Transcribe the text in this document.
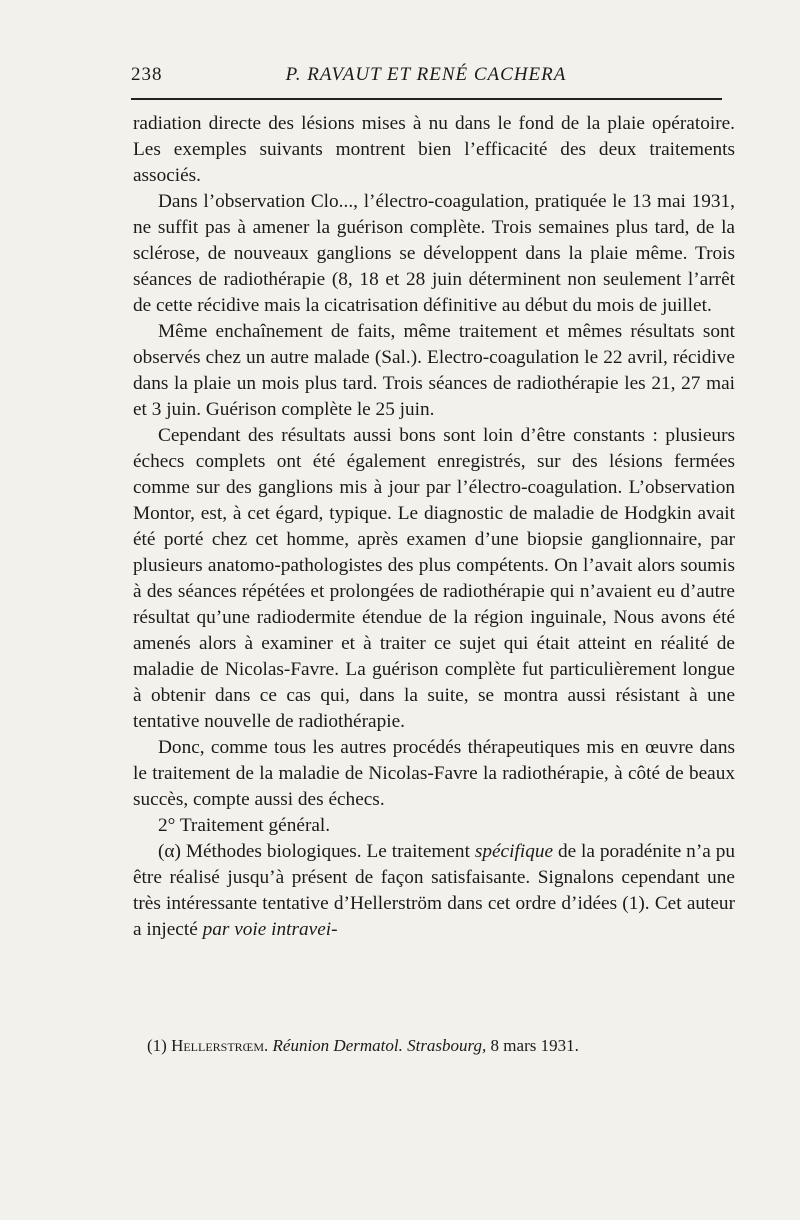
238	P. RAVAUT ET RENÉ CACHERA

radiation directe des lésions mises à nu dans le fond de la plaie opératoire. Les exemples suivants montrent bien l’efficacité des deux traitements associés.

Dans l’observation Clo..., l’électro-coagulation, pratiquée le 13 mai 1931, ne suffit pas à amener la guérison complète. Trois semaines plus tard, de la sclérose, de nouveaux ganglions se développent dans la plaie même. Trois séances de radiothérapie (8, 18 et 28 juin déterminent non seulement l’arrêt de cette récidive mais la cicatrisation définitive au début du mois de juillet.

Même enchaînement de faits, même traitement et mêmes résultats sont observés chez un autre malade (Sal.). Electro-coagulation le 22 avril, récidive dans la plaie un mois plus tard. Trois séances de radiothérapie les 21, 27 mai et 3 juin. Guérison complète le 25 juin.

Cependant des résultats aussi bons sont loin d’être constants : plusieurs échecs complets ont été également enregistrés, sur des lésions fermées comme sur des ganglions mis à jour par l’électro-coagulation. L’observation Montor, est, à cet égard, typique. Le diagnostic de maladie de Hodgkin avait été porté chez cet homme, après examen d’une biopsie ganglionnaire, par plusieurs anatomo-pathologistes des plus compétents. On l’avait alors soumis à des séances répétées et prolongées de radiothérapie qui n’avaient eu d’autre résultat qu’une radiodermite étendue de la région inguinale, Nous avons été amenés alors à examiner et à traiter ce sujet qui était atteint en réalité de maladie de Nicolas-Favre. La guérison complète fut particulièrement longue à obtenir dans ce cas qui, dans la suite, se montra aussi résistant à une tentative nouvelle de radiothérapie.

Donc, comme tous les autres procédés thérapeutiques mis en œuvre dans le traitement de la maladie de Nicolas-Favre la radiothérapie, à côté de beaux succès, compte aussi des échecs.

2° Traitement général.

(α) Méthodes biologiques. Le traitement spécifique de la poradénite n’a pu être réalisé jusqu’à présent de façon satisfaisante. Signalons cependant une très intéressante tentative d’Hellerström dans cet ordre d’idées (1). Cet auteur a injecté par voie intravei-

(1) Hellerstrœm. Réunion Dermatol. Strasbourg, 8 mars 1931.
